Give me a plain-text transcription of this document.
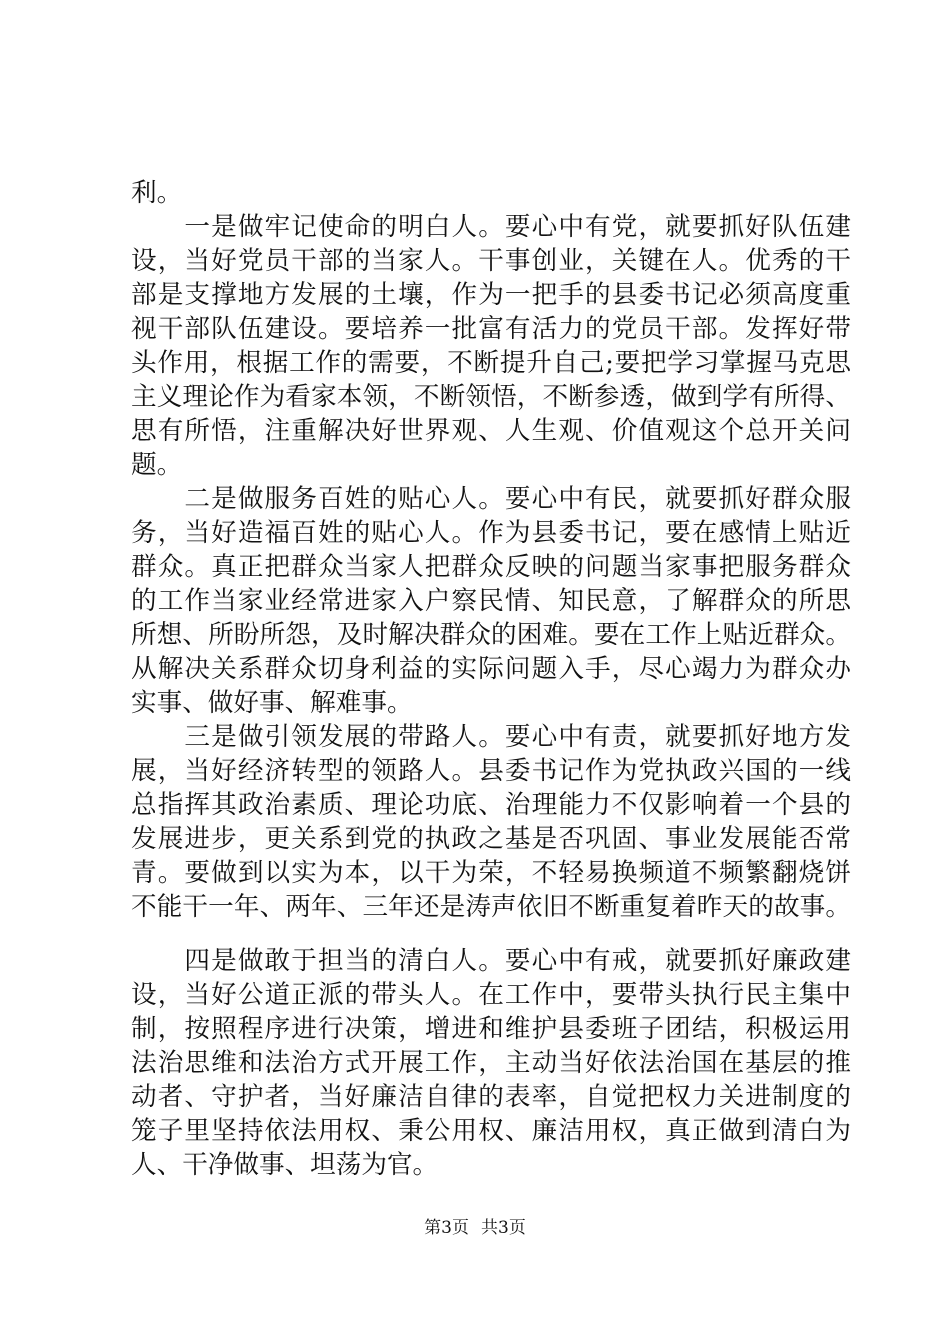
利。
　　一是做牢记使命的明白人。要心中有党，就要抓好队伍建
设，当好党员干部的当家人。干事创业，关键在人。优秀的干
部是支撑地方发展的土壤，作为一把手的县委书记必须高度重
视干部队伍建设。要培养一批富有活力的党员干部。发挥好带
头作用，根据工作的需要，不断提升自己;要把学习掌握马克思
主义理论作为看家本领，不断领悟，不断参透，做到学有所得、
思有所悟，注重解决好世界观、人生观、价值观这个总开关问
题。
　　二是做服务百姓的贴心人。要心中有民，就要抓好群众服
务，当好造福百姓的贴心人。作为县委书记，要在感情上贴近
群众。真正把群众当家人把群众反映的问题当家事把服务群众
的工作当家业经常进家入户察民情、知民意，了解群众的所思
所想、所盼所怨，及时解决群众的困难。要在工作上贴近群众。
从解决关系群众切身利益的实际问题入手，尽心竭力为群众办
实事、做好事、解难事。
　　三是做引领发展的带路人。要心中有责，就要抓好地方发
展，当好经济转型的领路人。县委书记作为党执政兴国的一线
总指挥其政治素质、理论功底、治理能力不仅影响着一个县的
发展进步，更关系到党的执政之基是否巩固、事业发展能否常
青。要做到以实为本，以干为荣，不轻易换频道不频繁翻烧饼
不能干一年、两年、三年还是涛声依旧不断重复着昨天的故事。
　　四是做敢于担当的清白人。要心中有戒，就要抓好廉政建
设，当好公道正派的带头人。在工作中，要带头执行民主集中
制，按照程序进行决策，增进和维护县委班子团结，积极运用
法治思维和法治方式开展工作，主动当好依法治国在基层的推
动者、守护者，当好廉洁自律的表率，自觉把权力关进制度的
笼子里坚持依法用权、秉公用权、廉洁用权，真正做到清白为
人、干净做事、坦荡为官。
第3页 共3页
